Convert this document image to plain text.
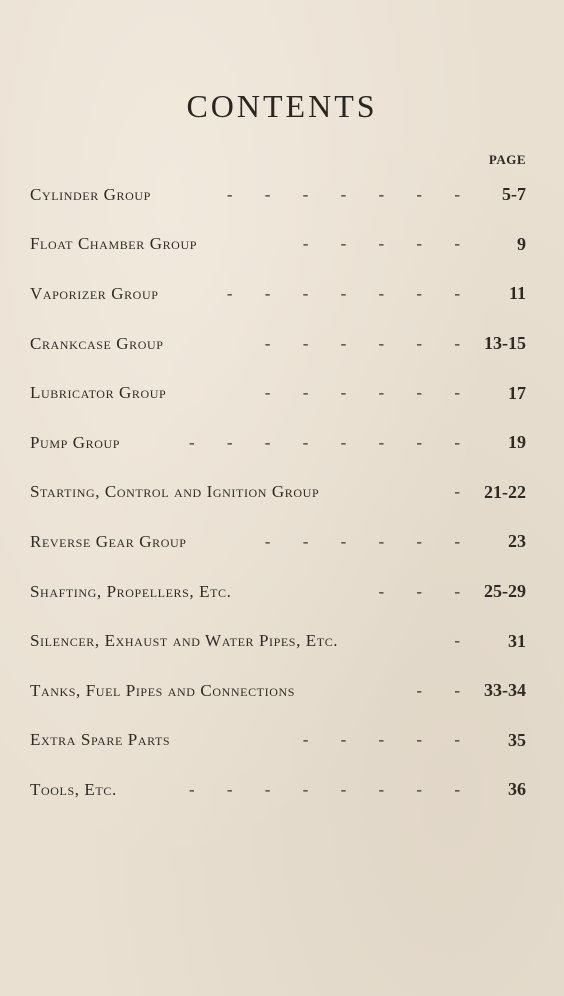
CONTENTS
PAGE
Cylinder Group	- - - - - - -	5-7
Float Chamber Group	- - - - -	9
Vaporizer Group	- - - - - - -	11
Crankcase Group	- - - - - -	13-15
Lubricator Group	- - - - - -	17
Pump Group	- - - - - - - -	19
Starting, Control and Ignition Group	-	21-22
Reverse Gear Group	- - - - - -	23
Shafting, Propellers, Etc.	- - -	25-29
Silencer, Exhaust and Water Pipes, Etc.	-	31
Tanks, Fuel Pipes and Connections	- -	33-34
Extra Spare Parts	- - - - -	35
Tools, Etc.	- - - - - - - -	36
